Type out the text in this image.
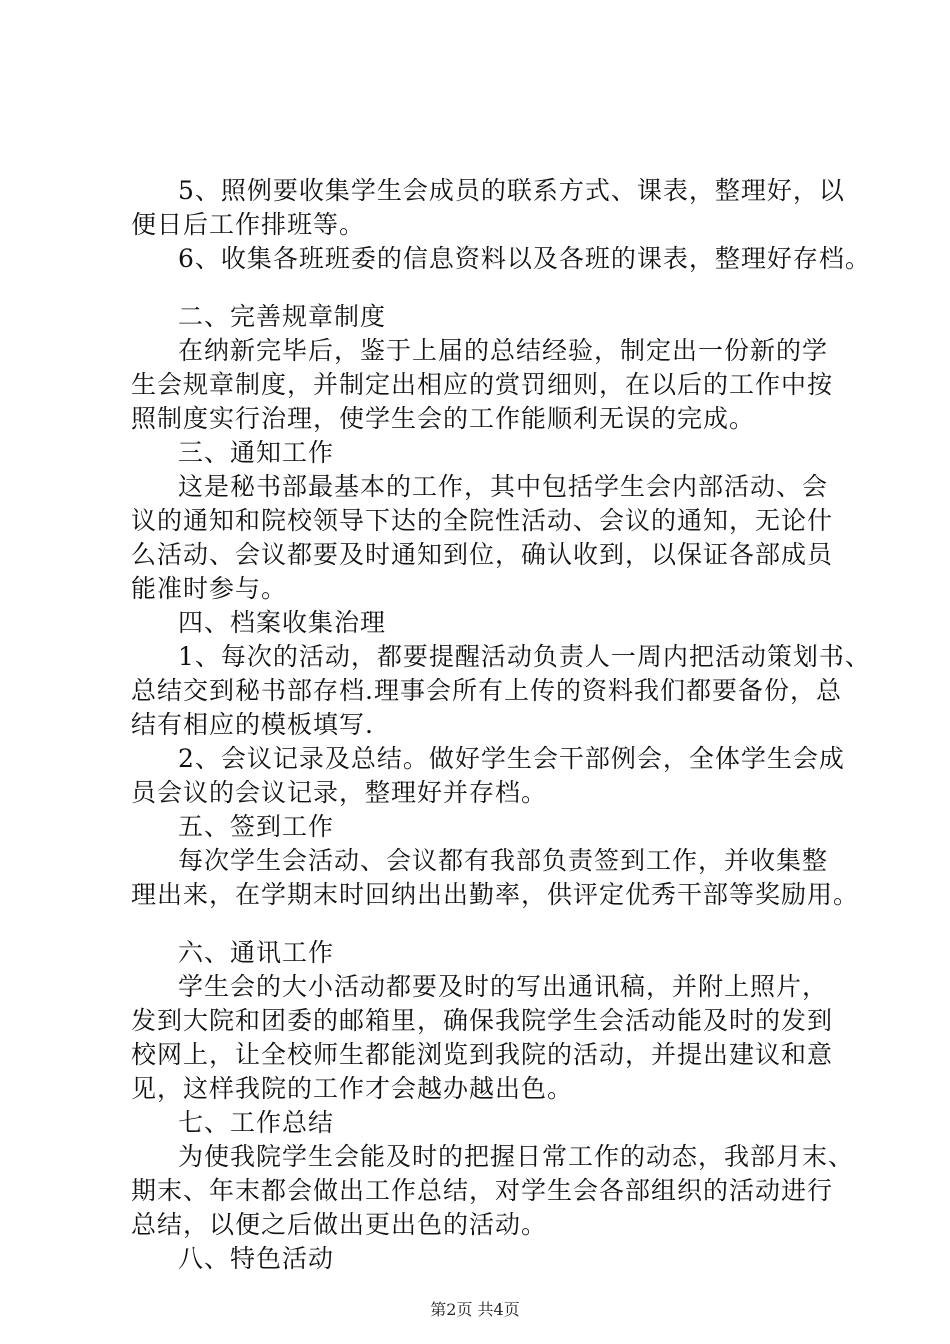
5、照例要收集学生会成员的联系方式、课表，整理好，以
便日后工作排班等。
6、收集各班班委的信息资料以及各班的课表，整理好存档。
二、完善规章制度
在纳新完毕后，鉴于上届的总结经验，制定出一份新的学
生会规章制度，并制定出相应的赏罚细则，在以后的工作中按
照制度实行治理，使学生会的工作能顺利无误的完成。
三、通知工作
这是秘书部最基本的工作，其中包括学生会内部活动、会
议的通知和院校领导下达的全院性活动、会议的通知，无论什
么活动、会议都要及时通知到位，确认收到，以保证各部成员
能准时参与。
四、档案收集治理
1、每次的活动，都要提醒活动负责人一周内把活动策划书、
总结交到秘书部存档.理事会所有上传的资料我们都要备份，总
结有相应的模板填写.
2、会议记录及总结。做好学生会干部例会，全体学生会成
员会议的会议记录，整理好并存档。
五、签到工作
每次学生会活动、会议都有我部负责签到工作，并收集整
理出来，在学期末时回纳出出勤率，供评定优秀干部等奖励用。
六、通讯工作
学生会的大小活动都要及时的写出通讯稿，并附上照片，
发到大院和团委的邮箱里，确保我院学生会活动能及时的发到
校网上，让全校师生都能浏览到我院的活动，并提出建议和意
见，这样我院的工作才会越办越出色。
七、工作总结
为使我院学生会能及时的把握日常工作的动态，我部月末、
期末、年末都会做出工作总结，对学生会各部组织的活动进行
总结，以便之后做出更出色的活动。
八、特色活动
第2页 共4页
